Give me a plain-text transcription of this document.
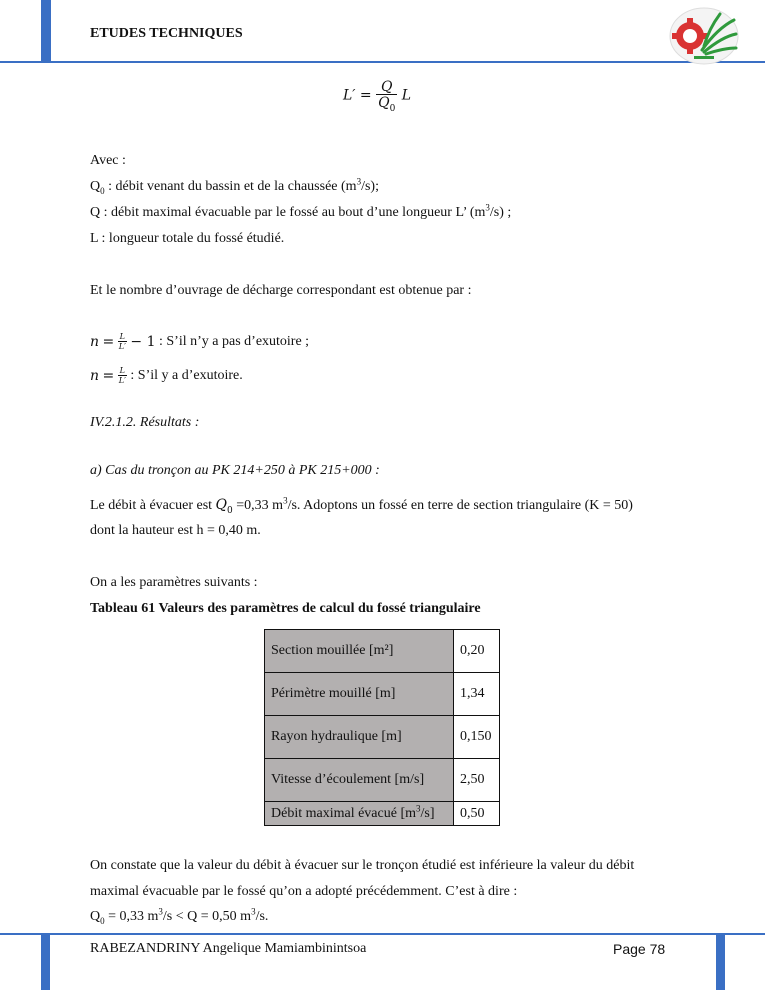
ETUDES TECHNIQUES
$L' = \frac{Q}{Q_0}$ L
Avec :
$Q_0$ : débit venant du bassin et de la chaussée $(m^3/s)$;
Q : débit maximal évacuable par le fossé au bout d’une longueur L’ $(m^3/s)$ ;
L : longueur totale du fossé étudié.
Et le nombre d’ouvrage de décharge correspondant est obtenue par :
$n = \frac{L}{L'} - 1$ : S’il n’y a pas d’exutoire ;
$n = \frac{L}{L'}$ : S’il y a d’exutoire.
IV.2.1.2. Résultats :
a) Cas du tronçon au PK 214+250 à PK 215+000 :
Le débit à évacuer est $Q_0 =0,33$ $m^3/s$. Adoptons un fossé en terre de section triangulaire (K = 50)
dont la hauteur est h = 0,40 m.
On a les paramètres suivants :
Tableau 61 Valeurs des paramètres de calcul du fossé triangulaire
Section mouillée [m²]	0,20
Périmètre mouillé [m]	1,34
Rayon hydraulique [m]	0,150
Vitesse d’écoulement [m/s]	2,50
Débit maximal évacué $[m^3/s]$	0,50
On constate que la valeur du débit à évacuer sur le tronçon étudié est inférieure la valeur du débit
maximal évacuable par le fossé qu’on a adopté précédemment. C’est à dire :
$Q_0 = 0,33$ $m^3/s < Q = 0,50$ $m^3/s$.
RABEZANDRINY Angelique Mamiambinintsoa	Page 78
